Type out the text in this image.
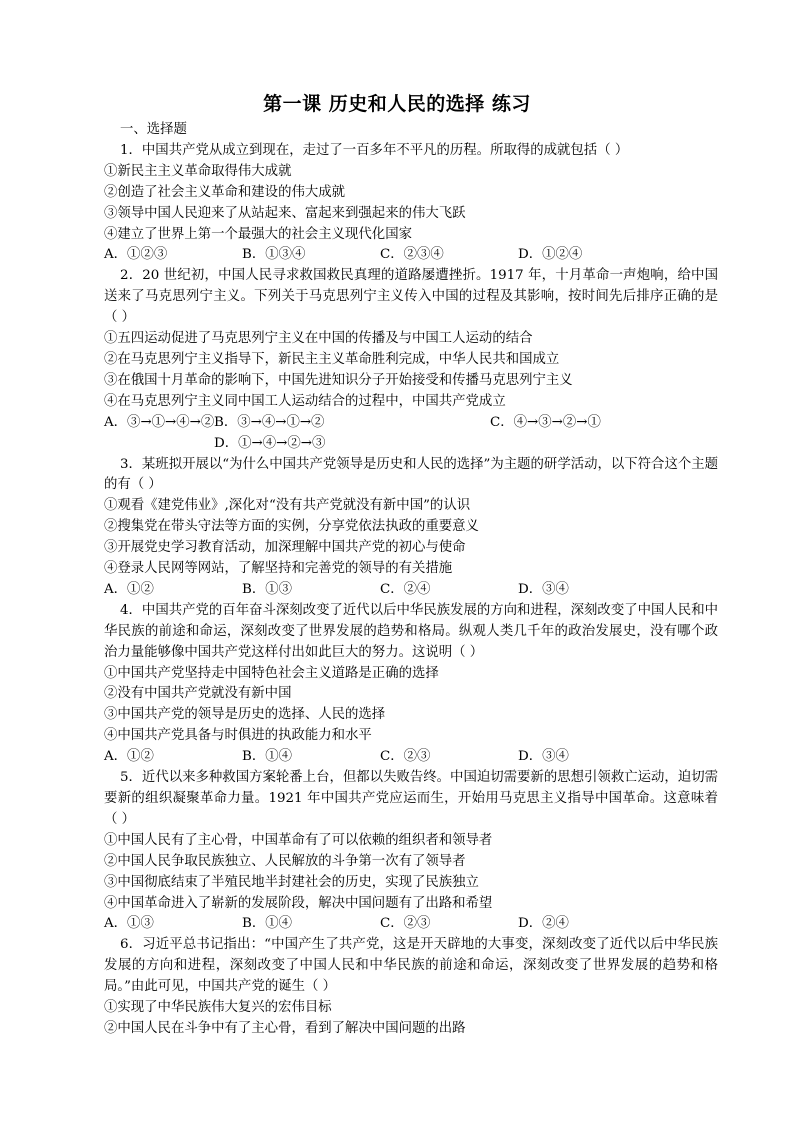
第一课 历史和人民的选择 练习
一、选择题
1．中国共产党从成立到现在，走过了一百多年不平凡的历程。所取得的成就包括（ ）
①新民主主义革命取得伟大成就
②创造了社会主义革命和建设的伟大成就
③领导中国人民迎来了从站起来、富起来到强起来的伟大飞跃
④建立了世界上第一个最强大的社会主义现代化国家
A．①②③	B．①③④	C．②③④	D．①②④
2．20 世纪初，中国人民寻求救国救民真理的道路屡遭挫折。1917 年，十月革命一声炮响，给中国送来了马克思列宁主义。下列关于马克思列宁主义传入中国的过程及其影响，按时间先后排序正确的是（ ）
①五四运动促进了马克思列宁主义在中国的传播及与中国工人运动的结合
②在马克思列宁主义指导下，新民主主义革命胜利完成，中华人民共和国成立
③在俄国十月革命的影响下，中国先进知识分子开始接受和传播马克思列宁主义
④在马克思列宁主义同中国工人运动结合的过程中，中国共产党成立
A．③→①→④→② B．③→④→①→②	C．④→③→②→①
D．①→④→②→③
3．某班拟开展以“为什么中国共产党领导是历史和人民的选择”为主题的研学活动，以下符合这个主题的有（ ）
①观看《建党伟业》,深化对“没有共产党就没有新中国”的认识
②搜集党在带头守法等方面的实例，分享党依法执政的重要意义
③开展党史学习教育活动，加深理解中国共产党的初心与使命
④登录人民网等网站，了解坚持和完善党的领导的有关措施
A．①②	B．①③	C．②④	D．③④
4．中国共产党的百年奋斗深刻改变了近代以后中华民族发展的方向和进程，深刻改变了中国人民和中华民族的前途和命运，深刻改变了世界发展的趋势和格局。纵观人类几千年的政治发展史，没有哪个政治力量能够像中国共产党这样付出如此巨大的努力。这说明（ ）
①中国共产党坚持走中国特色社会主义道路是正确的选择
②没有中国共产党就没有新中国
③中国共产党的领导是历史的选择、人民的选择
④中国共产党具备与时俱进的执政能力和水平
A．①②	B．①④	C．②③	D．③④
5．近代以来多种救国方案轮番上台，但都以失败告终。中国迫切需要新的思想引领救亡运动，迫切需要新的组织凝聚革命力量。1921 年中国共产党应运而生，开始用马克思主义指导中国革命。这意味着（ ）
①中国人民有了主心骨，中国革命有了可以依赖的组织者和领导者
②中国人民争取民族独立、人民解放的斗争第一次有了领导者
③中国彻底结束了半殖民地半封建社会的历史，实现了民族独立
④中国革命进入了崭新的发展阶段，解决中国问题有了出路和希望
A．①③	B．①④	C．②③	D．②④
6．习近平总书记指出：“中国产生了共产党，这是开天辟地的大事变，深刻改变了近代以后中华民族发展的方向和进程，深刻改变了中国人民和中华民族的前途和命运，深刻改变了世界发展的趋势和格局。”由此可见，中国共产党的诞生（ ）
①实现了中华民族伟大复兴的宏伟目标
②中国人民在斗争中有了主心骨，看到了解决中国问题的出路
